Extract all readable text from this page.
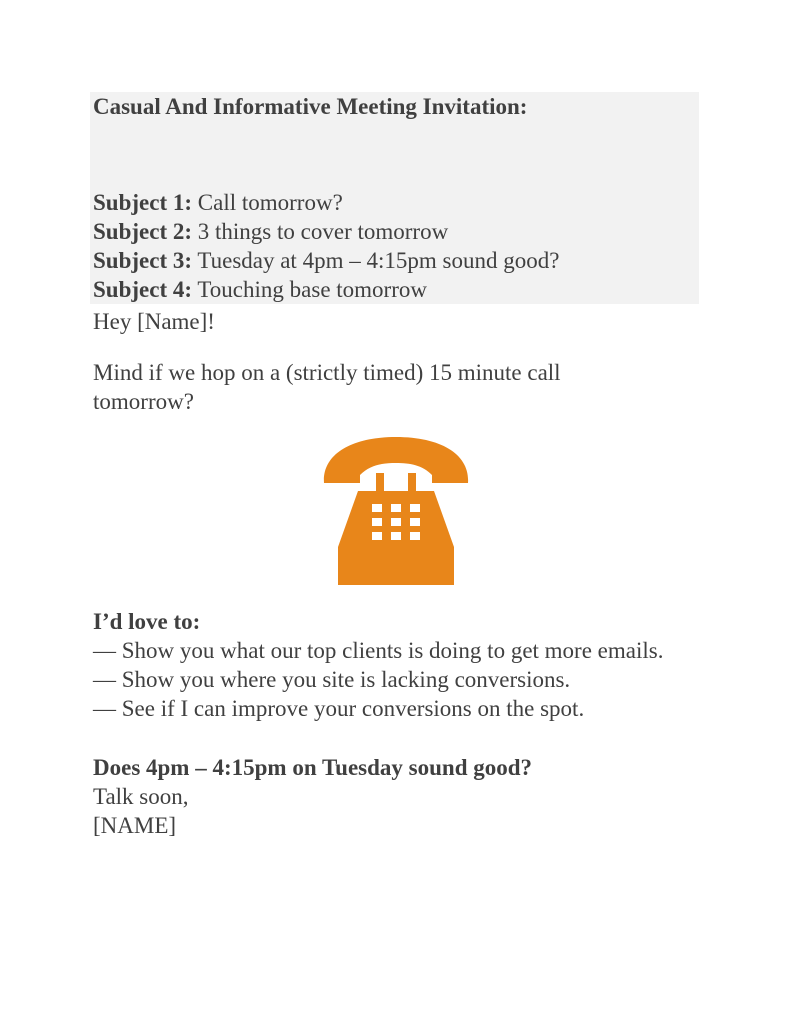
Casual And Informative Meeting Invitation:
Subject 1: Call tomorrow?
Subject 2: 3 things to cover tomorrow
Subject 3: Tuesday at 4pm – 4:15pm sound good?
Subject 4: Touching base tomorrow

Hey [Name]!

Mind if we hop on a (strictly timed) 15 minute call tomorrow?

I’d love to:
— Show you what our top clients is doing to get more emails.
— Show you where you site is lacking conversions.
— See if I can improve your conversions on the spot.
Does 4pm – 4:15pm on Tuesday sound good?
Talk soon,
[NAME]
